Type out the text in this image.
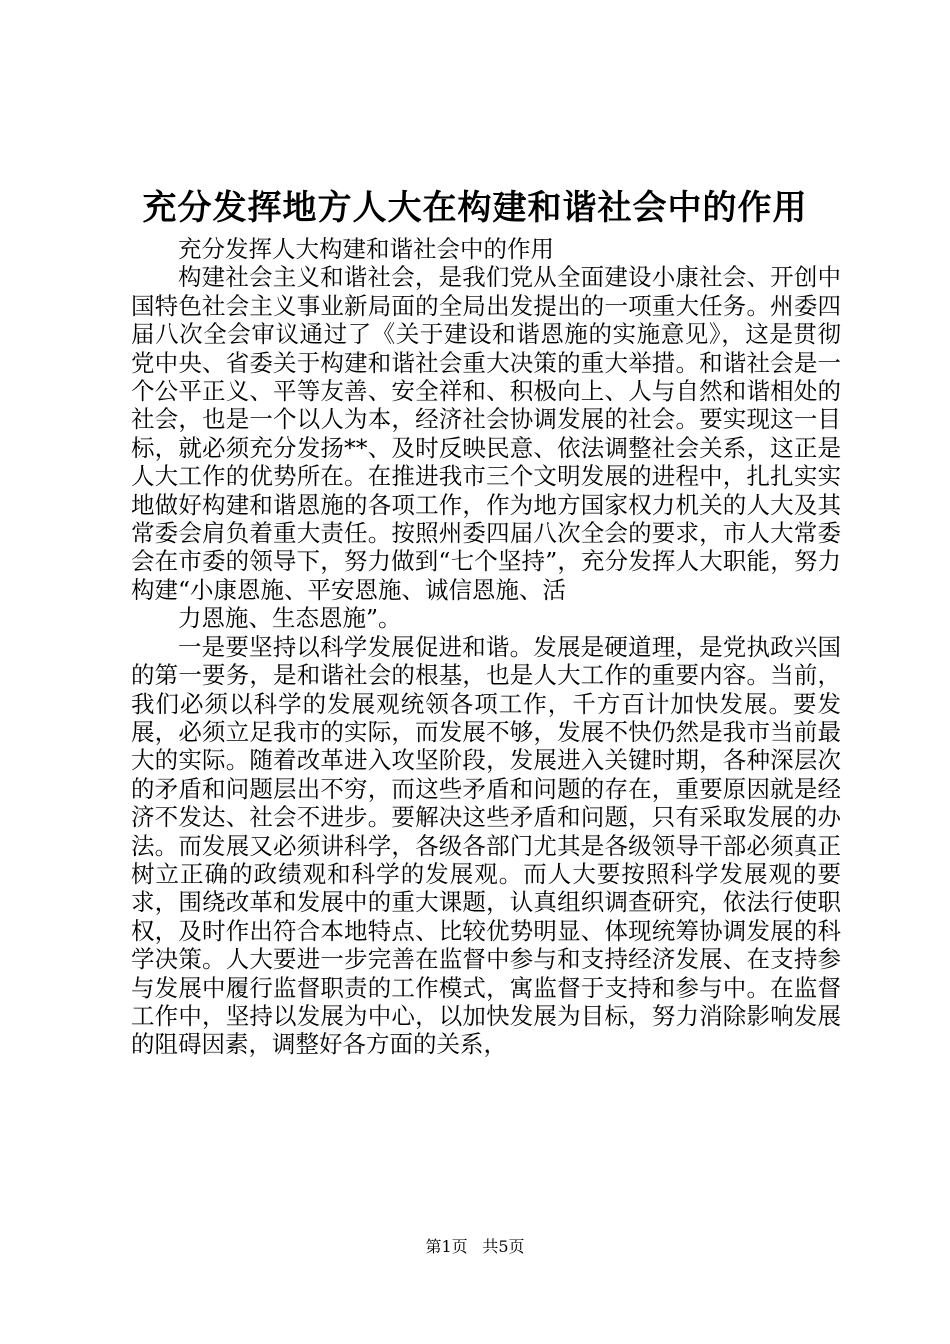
充分发挥地方人大在构建和谐社会中的作用

充分发挥人大构建和谐社会中的作用

构建社会主义和谐社会，是我们党从全面建设小康社会、开创中国特色社会主义事业新局面的全局出发提出的一项重大任务。州委四届八次全会审议通过了《关于建设和谐恩施的实施意见》，这是贯彻党中央、省委关于构建和谐社会重大决策的重大举措。和谐社会是一个公平正义、平等友善、安全祥和、积极向上、人与自然和谐相处的社会，也是一个以人为本，经济社会协调发展的社会。要实现这一目标，就必须充分发扬**、及时反映民意、依法调整社会关系，这正是人大工作的优势所在。在推进我市三个文明发展的进程中，扎扎实实地做好构建和谐恩施的各项工作，作为地方国家权力机关的人大及其常委会肩负着重大责任。按照州委四届八次全会的要求，市人大常委会在市委的领导下，努力做到“七个坚持”，充分发挥人大职能，努力构建“小康恩施、平安恩施、诚信恩施、活

力恩施、生态恩施”。

一是要坚持以科学发展促进和谐。发展是硬道理，是党执政兴国的第一要务，是和谐社会的根基，也是人大工作的重要内容。当前，我们必须以科学的发展观统领各项工作，千方百计加快发展。要发展，必须立足我市的实际，而发展不够，发展不快仍然是我市当前最大的实际。随着改革进入攻坚阶段，发展进入关键时期，各种深层次的矛盾和问题层出不穷，而这些矛盾和问题的存在，重要原因就是经济不发达、社会不进步。要解决这些矛盾和问题，只有采取发展的办法。而发展又必须讲科学，各级各部门尤其是各级领导干部必须真正树立正确的政绩观和科学的发展观。而人大要按照科学发展观的要求，围绕改革和发展中的重大课题，认真组织调查研究，依法行使职权，及时作出符合本地特点、比较优势明显、体现统筹协调发展的科学决策。人大要进一步完善在监督中参与和支持经济发展、在支持参与发展中履行监督职责的工作模式，寓监督于支持和参与中。在监督工作中，坚持以发展为中心，以加快发展为目标，努力消除影响发展的阻碍因素，调整好各方面的关系，

第1页 共5页
